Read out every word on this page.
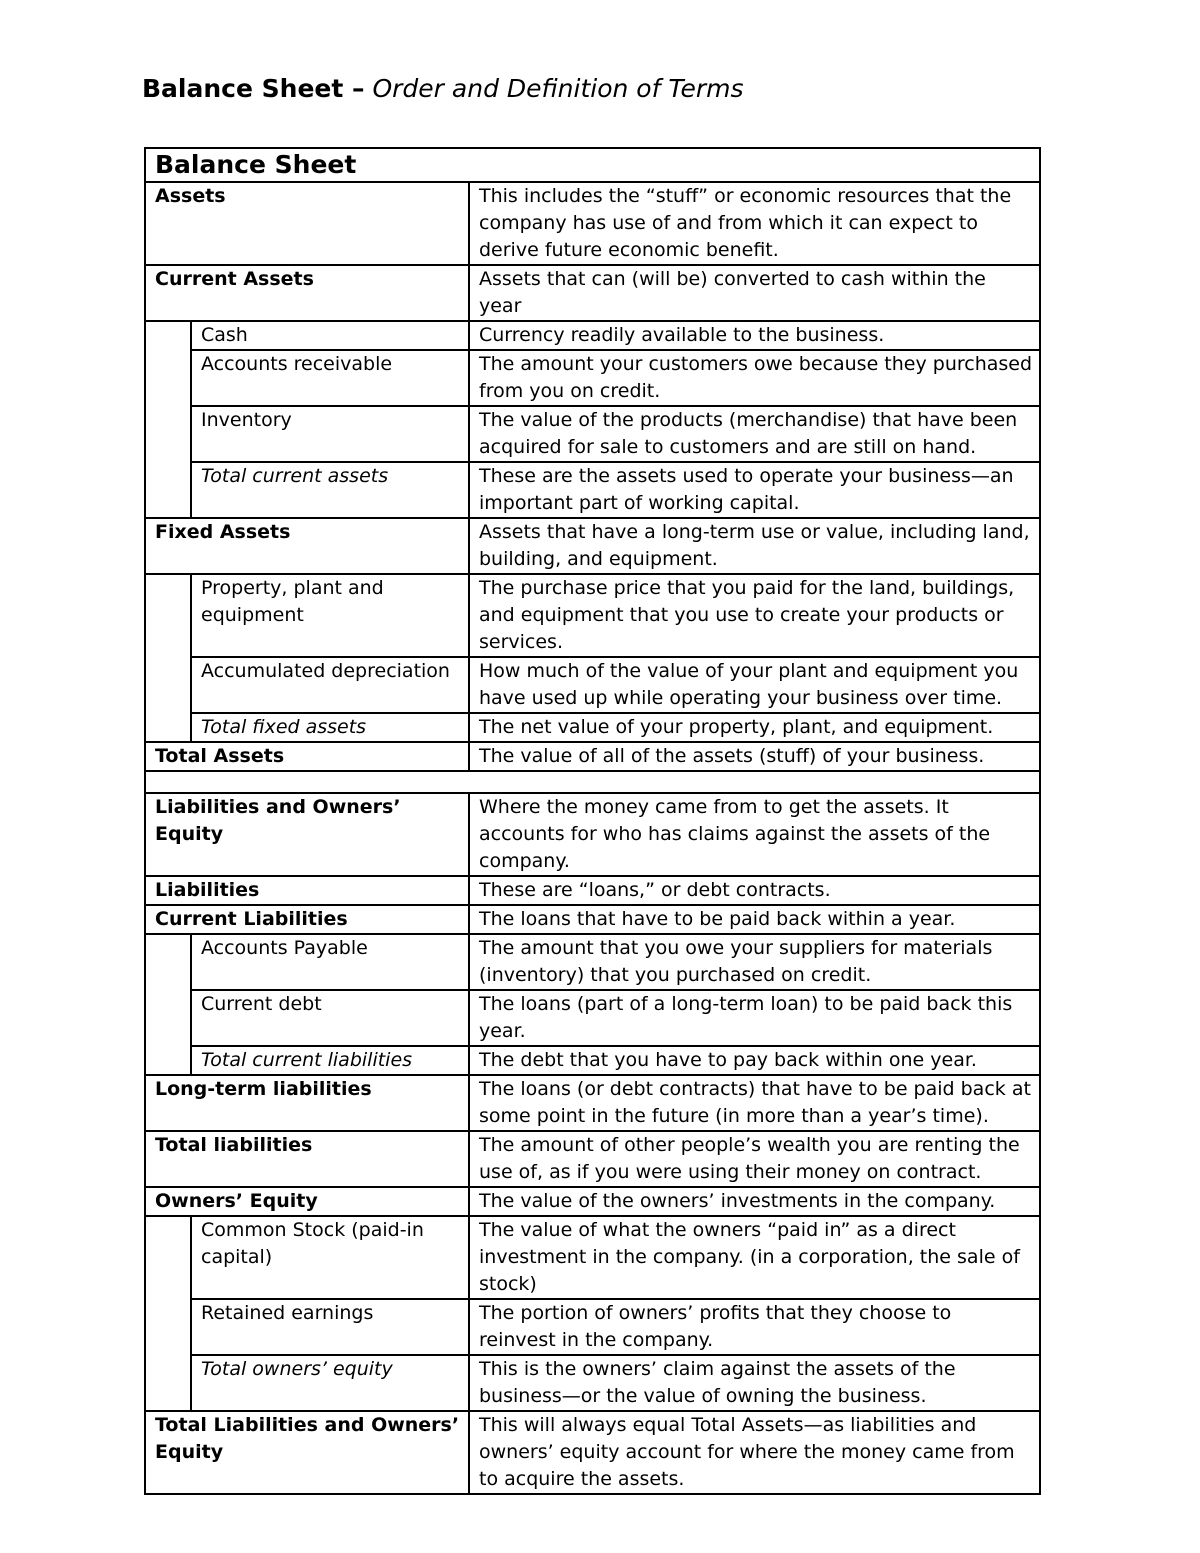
Balance Sheet – Order and Definition of Terms
Balance Sheet		
Assets		This includes the “stuff” or economic resources that the company has use of and from which it can expect to derive future economic benefit.
Current Assets		Assets that can (will be) converted to cash within the year
	Cash	Currency readily available to the business.
	Accounts receivable	The amount your customers owe because they purchased from you on credit.
	Inventory	The value of the products (merchandise) that have been acquired for sale to customers and are still on hand.
	Total current assets	These are the assets used to operate your business—an important part of working capital.
Fixed Assets		Assets that have a long-term use or value, including land, building, and equipment.
	Property, plant and equipment	The purchase price that you paid for the land, buildings, and equipment that you use to create your products or services.
	Accumulated depreciation	How much of the value of your plant and equipment you have used up while operating your business over time.
	Total fixed assets	The net value of your property, plant, and equipment.
Total Assets		The value of all of the assets (stuff) of your business.

Liabilities and Owners’ Equity		Where the money came from to get the assets. It accounts for who has claims against the assets of the company.
Liabilities		These are “loans,” or debt contracts.
Current Liabilities		The loans that have to be paid back within a year.
	Accounts Payable	The amount that you owe your suppliers for materials (inventory) that you purchased on credit.
	Current debt	The loans (part of a long-term loan) to be paid back this year.
	Total current liabilities	The debt that you have to pay back within one year.
Long-term liabilities		The loans (or debt contracts) that have to be paid back at some point in the future (in more than a year’s time).
Total liabilities		The amount of other people’s wealth you are renting the use of, as if you were using their money on contract.
Owners’ Equity		The value of the owners’ investments in the company.
	Common Stock (paid-in capital)	The value of what the owners “paid in” as a direct investment in the company. (in a corporation, the sale of stock)
	Retained earnings	The portion of owners’ profits that they choose to reinvest in the company.
	Total owners’ equity	This is the owners’ claim against the assets of the business—or the value of owning the business.
Total Liabilities and Owners’ Equity		This will always equal Total Assets—as liabilities and owners’ equity account for where the money came from to acquire the assets.
